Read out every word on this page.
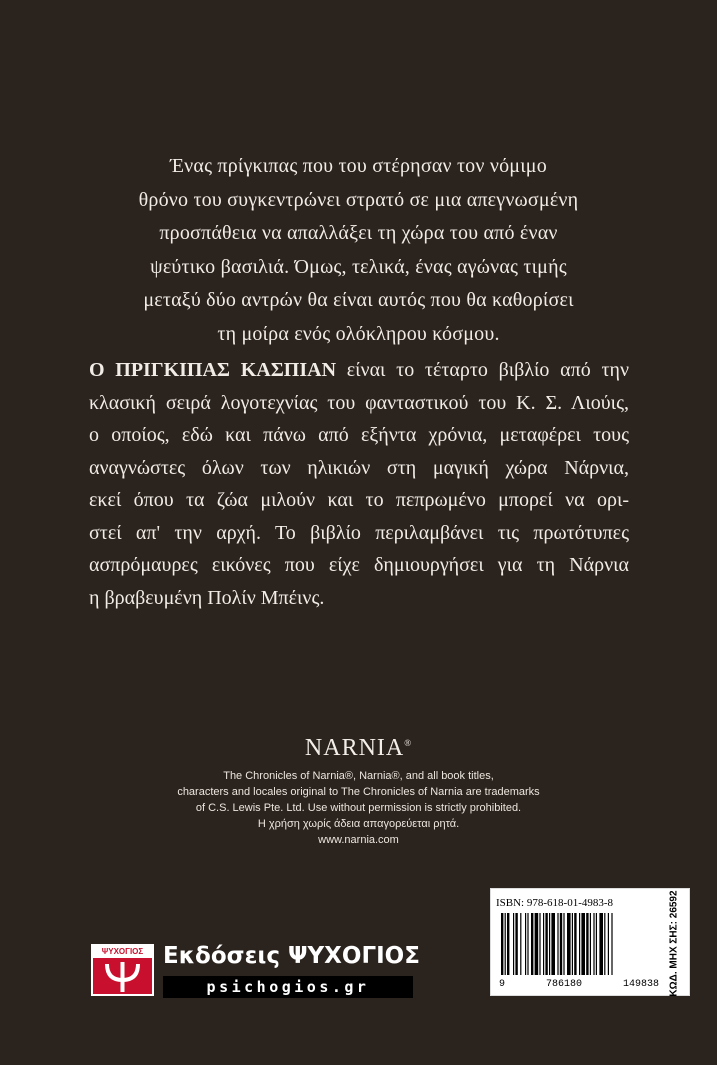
Ένας πρίγκιπας που του στέρησαν τον νόμιμο
θρόνο του συγκεντρώνει στρατό σε μια απεγνωσμένη
προσπάθεια να απαλλάξει τη χώρα του από έναν
ψεύτικο βασιλιά. Όμως, τελικά, ένας αγώνας τιμής
μεταξύ δύο αντρών θα είναι αυτός που θα καθορίσει
τη μοίρα ενός ολόκληρου κόσμου.
Ο ΠΡΙΓΚΙΠΑΣ ΚΑΣΠΙΑΝ είναι το τέταρτο βιβλίο από την
κλασική σειρά λογοτεχνίας του φανταστικού του Κ. Σ. Λιούις,
ο οποίος, εδώ και πάνω από εξήντα χρόνια, μεταφέρει τους
αναγνώστες όλων των ηλικιών στη μαγική χώρα Νάρνια,
εκεί όπου τα ζώα μιλούν και το πεπρωμένο μπορεί να ορι-
στεί απ' την αρχή. Το βιβλίο περιλαμβάνει τις πρωτότυπες
ασπρόμαυρες εικόνες που είχε δημιουργήσει για τη Νάρνια
η βραβευμένη Πολίν Μπέινς.
NARNIA®
The Chronicles of Narnia®, Narnia®, and all book titles,
characters and locales original to The Chronicles of Narnia are trademarks
of C.S. Lewis Pte. Ltd. Use without permission is strictly prohibited.
Η χρήση χωρίς άδεια απαγορεύεται ρητά.
www.narnia.com
ISBN: 978-618-01-4983-8
9	786180	149838 ΚΩΔ. ΜΗΧ ΣΗΣ: 26592
ΨΥΧΟΓΙΟΣ Εκδόσεις ΨΥΧΟΓΙΟΣ
psichogios.gr
